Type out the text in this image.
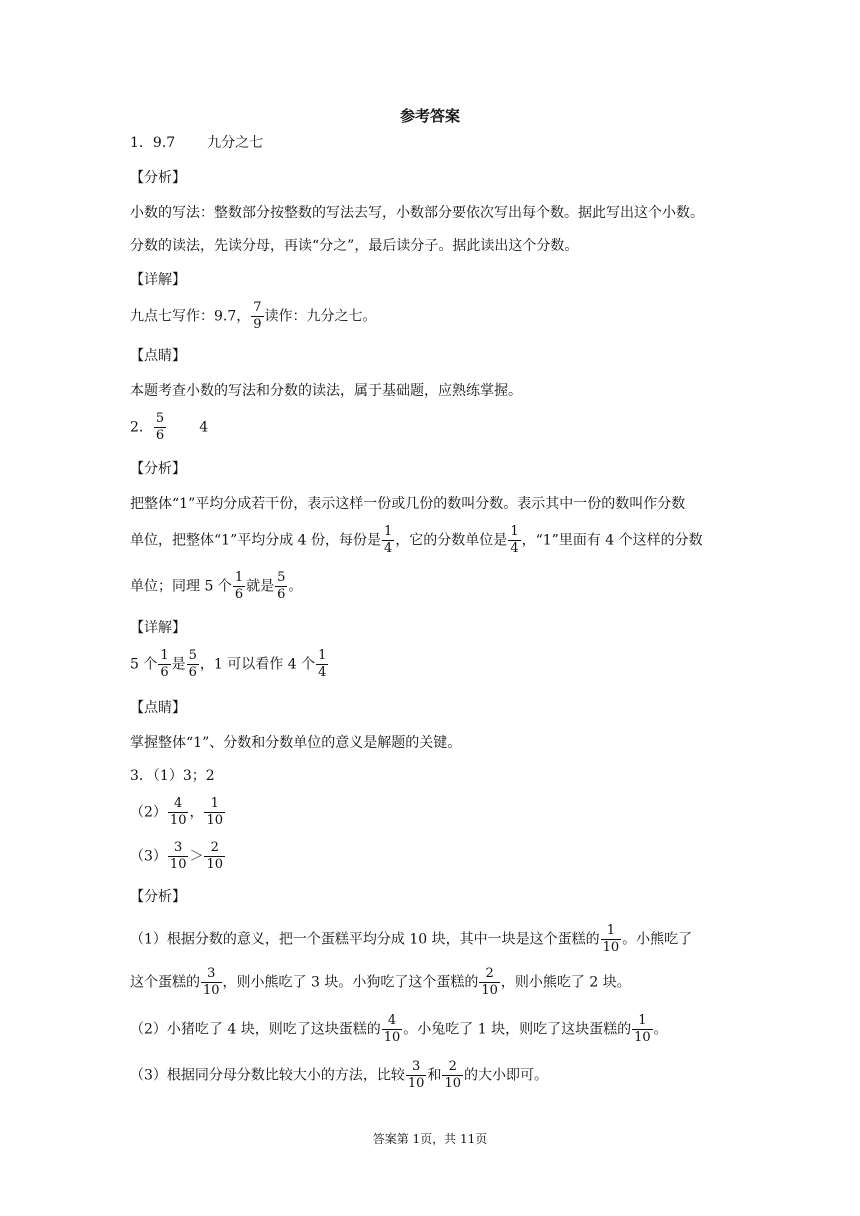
参考答案
1．9.7 九分之七
【分析】
小数的写法：整数部分按整数的写法去写，小数部分要依次写出每个数。据此写出这个小数。
分数的读法，先读分母，再读“分之”，最后读分子。据此读出这个分数。
【详解】
九点七写作：9.7， $\frac{7}{9}$ 读作：九分之七。
【点睛】
本题考查小数的写法和分数的读法，属于基础题，应熟练掌握。
2． $\frac{5}{6} 4$
【分析】
把整体“1”平均分成若干份，表示这样一份或几份的数叫分数。表示其中一份的数叫作分数
单位，把整体“1”平均分成 4 份，每份是 $\frac{1}{4}$ ，它的分数单位是 $\frac{1}{4}$ ，“1”里面有 4 个这样的分数
单位；同理 5 个 $\frac{1}{6}$ 就是 $\frac{5}{6}$ 。
【详解】
5 个 $\frac{1}{6}$ 是 $\frac{5}{6}$ ，1 可以看作 4 个 $\frac{1}{4}$
【点睛】
掌握整体“1”、分数和分数单位的意义是解题的关键。
3．（1）3；2
$(2) \frac{4}{10}$ ， $\frac{1}{10}$
$(3) \frac{3}{10} > \frac{2}{10}$
【分析】
（1）根据分数的意义，把一个蛋糕平均分成 10 块，其中一块是这个蛋糕的 $\frac{1}{10}$ 。小熊吃了
这个蛋糕的 $\frac{3}{10}$ ，则小熊吃了 3 块。小狗吃了这个蛋糕的 $\frac{2}{10}$ ，则小熊吃了 2 块。
（2）小猪吃了 4 块，则吃了这块蛋糕的 $\frac{4}{10}$ 。小兔吃了 1 块，则吃了这块蛋糕的 $\frac{1}{10}$ 。
（3）根据同分母分数比较大小的方法，比较 $\frac{3}{10}$ 和 $\frac{2}{10}$ 的大小即可。
答案第 1页，共 11页
